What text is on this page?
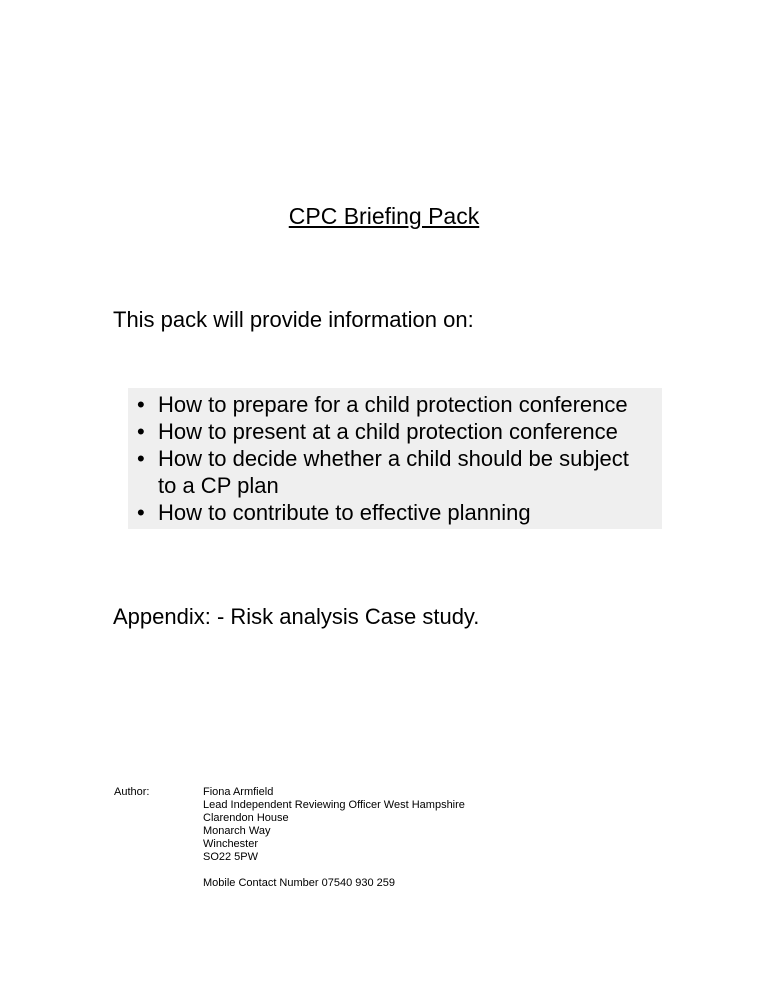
CPC Briefing Pack

This pack will provide information on:

• How to prepare for a child protection conference
• How to present at a child protection conference
• How to decide whether a child should be subject to a CP plan
• How to contribute to effective planning

Appendix: - Risk analysis Case study.

Author:	Fiona Armfield
Lead Independent Reviewing Officer West Hampshire
Clarendon House
Monarch Way
Winchester
SO22 5PW
Mobile Contact Number 07540 930 259
